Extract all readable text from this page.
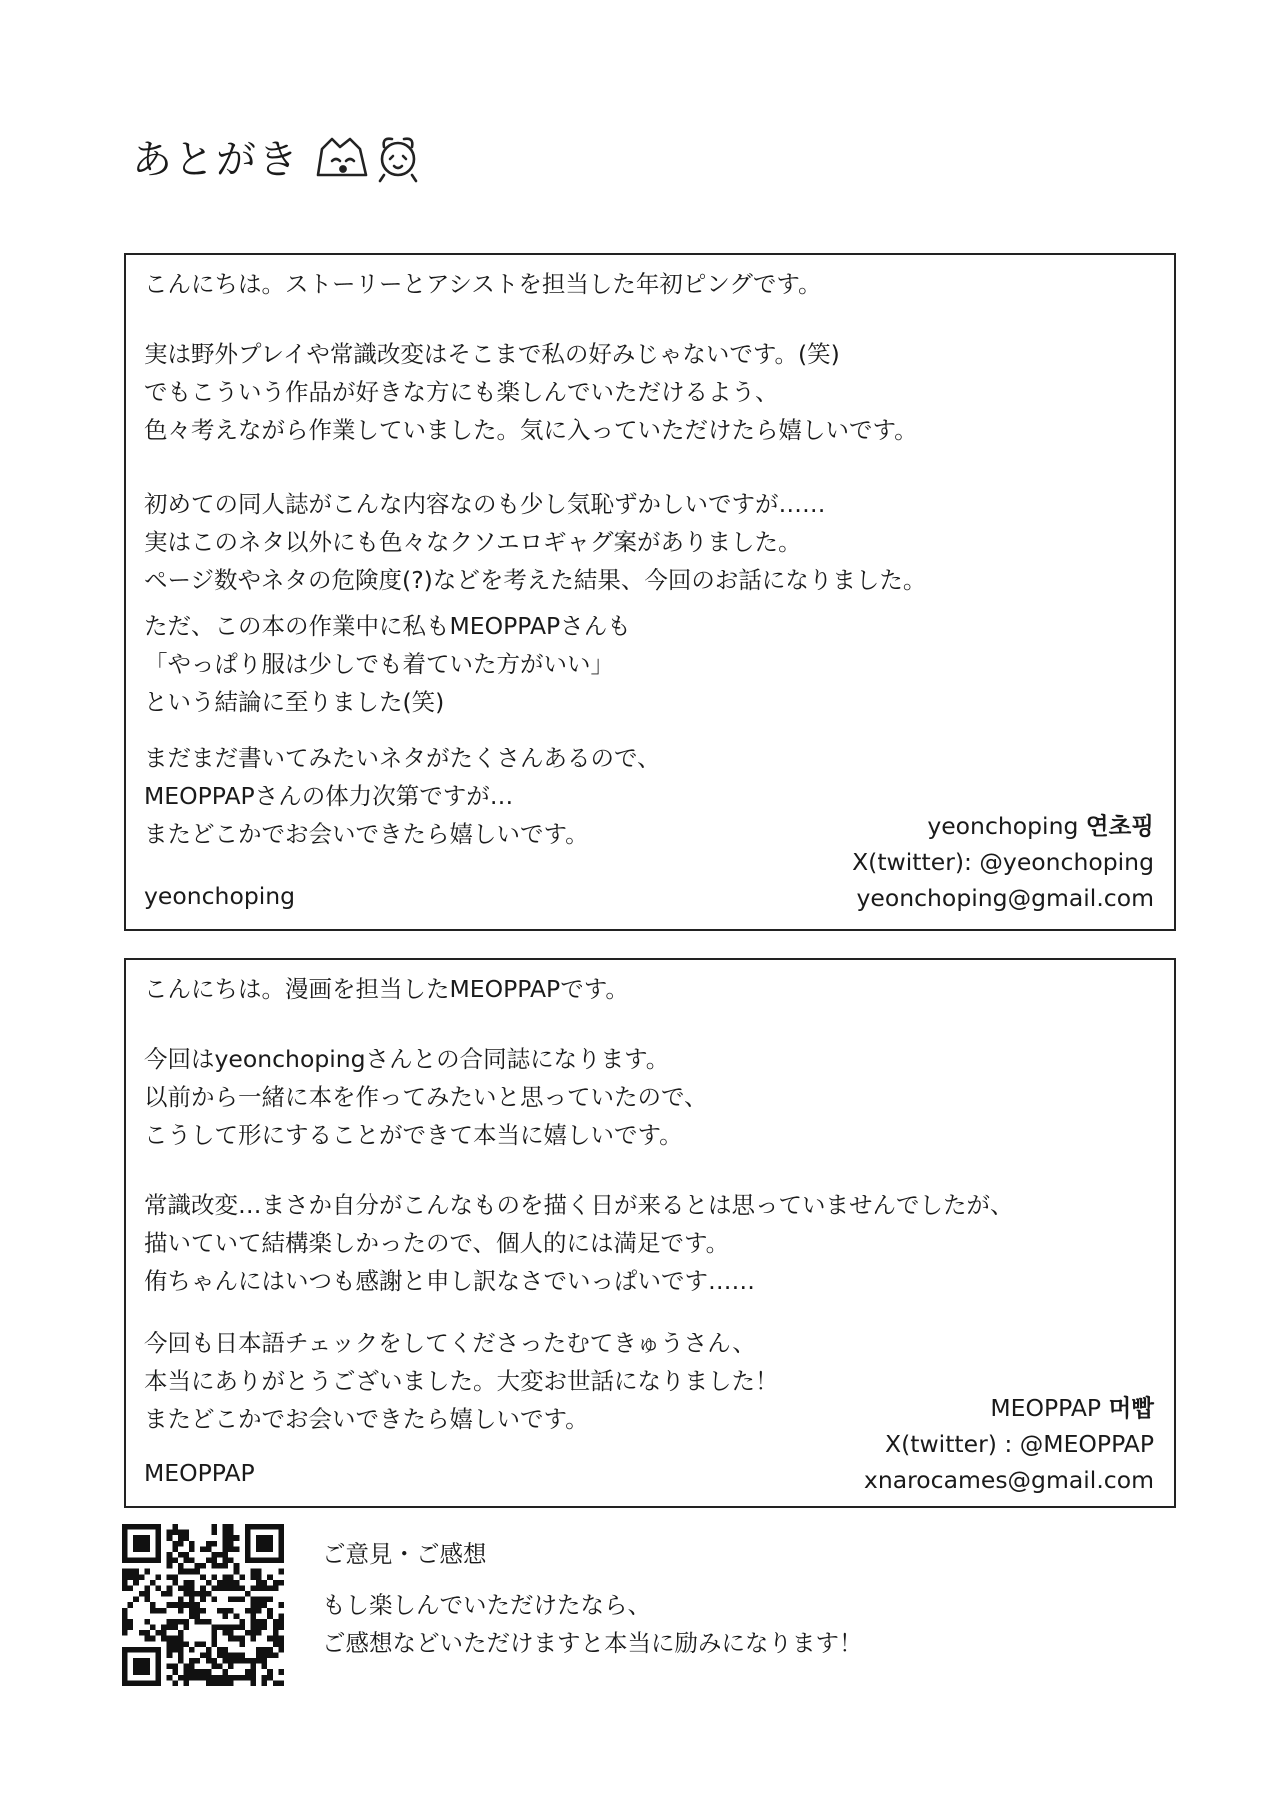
あとがき
こんにちは。ストーリーとアシストを担当した年初ピングです。
実は野外プレイや常識改変はそこまで私の好みじゃないです。(笑)
でもこういう作品が好きな方にも楽しんでいただけるよう、
色々考えながら作業していました。気に入っていただけたら嬉しいです。
初めての同人誌がこんな内容なのも少し気恥ずかしいですが……
実はこのネタ以外にも色々なクソエロギャグ案がありました。
ページ数やネタの危険度(?)などを考えた結果、今回のお話になりました。
ただ、この本の作業中に私もMEOPPAPさんも
「やっぱり服は少しでも着ていた方がいい」
という結論に至りました(笑)
まだまだ書いてみたいネタがたくさんあるので、
MEOPPAPさんの体力次第ですが…
またどこかでお会いできたら嬉しいです。
yeonchoping
yeonchoping 연초핑
X(twitter): @yeonchoping
yeonchoping@gmail.com
こんにちは。漫画を担当したMEOPPAPです。
今回はyeonchopingさんとの合同誌になります。
以前から一緒に本を作ってみたいと思っていたので、
こうして形にすることができて本当に嬉しいです。
常識改変…まさか自分がこんなものを描く日が来るとは思っていませんでしたが、
描いていて結構楽しかったので、個人的には満足です。
侑ちゃんにはいつも感謝と申し訳なさでいっぱいです……
今回も日本語チェックをしてくださったむてきゅうさん、
本当にありがとうございました。大変お世話になりました！
またどこかでお会いできたら嬉しいです。
MEOPPAP
MEOPPAP 머빱
X(twitter) : @MEOPPAP
xnarocames@gmail.com
ご意見・ご感想
もし楽しんでいただけたなら、
ご感想などいただけますと本当に励みになります！
